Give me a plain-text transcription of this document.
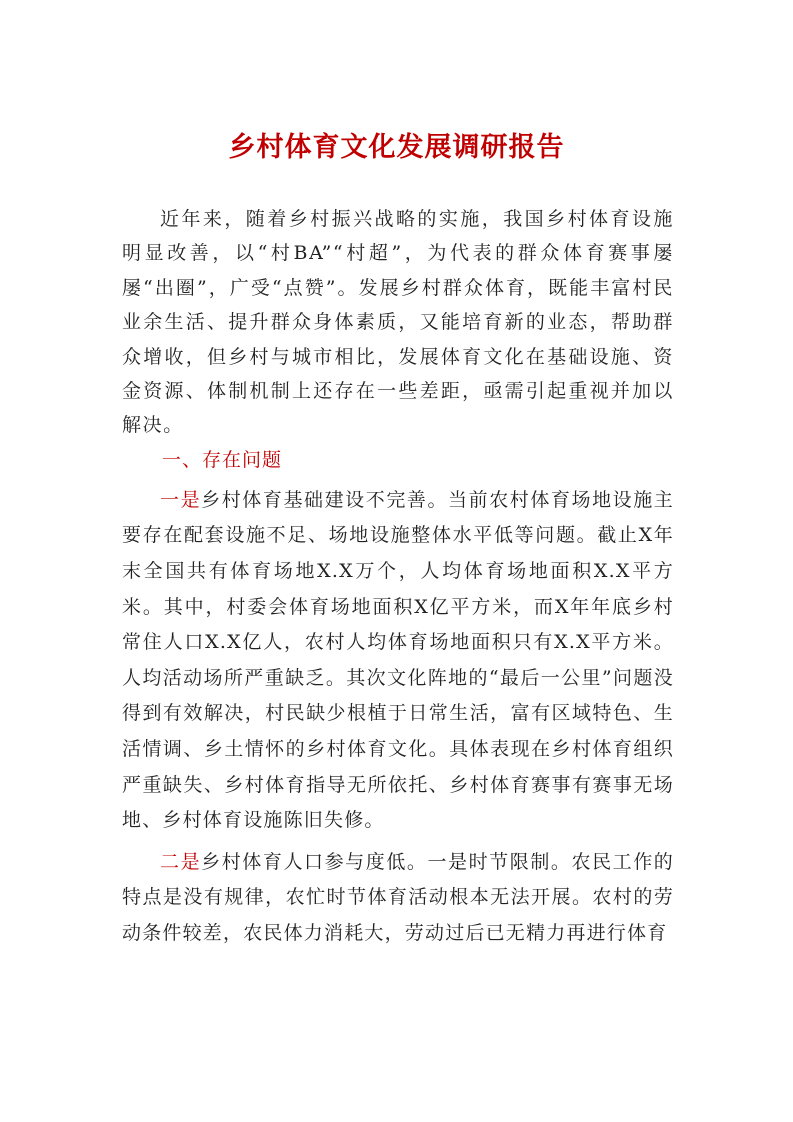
乡村体育文化发展调研报告

近年来，随着乡村振兴战略的实施，我国乡村体育设施明显改善，以“村BA”“村超”，为代表的群众体育赛事屡屡“出圈”，广受“点赞”。发展乡村群众体育，既能丰富村民业余生活、提升群众身体素质，又能培育新的业态，帮助群众增收，但乡村与城市相比，发展体育文化在基础设施、资金资源、体制机制上还存在一些差距，亟需引起重视并加以解决。

一、存在问题

一是乡村体育基础建设不完善。当前农村体育场地设施主要存在配套设施不足、场地设施整体水平低等问题。截止X年末全国共有体育场地X.X万个，人均体育场地面积X.X平方米。其中，村委会体育场地面积X亿平方米，而X年年底乡村常住人口X.X亿人，农村人均体育场地面积只有X.X平方米。人均活动场所严重缺乏。其次文化阵地的“最后一公里”问题没得到有效解决，村民缺少根植于日常生活，富有区域特色、生活情调、乡土情怀的乡村体育文化。具体表现在乡村体育组织严重缺失、乡村体育指导无所依托、乡村体育赛事有赛事无场地、乡村体育设施陈旧失修。

二是乡村体育人口参与度低。一是时节限制。农民工作的特点是没有规律，农忙时节体育活动根本无法开展。农村的劳动条件较差，农民体力消耗大，劳动过后已无精力再进行体育
